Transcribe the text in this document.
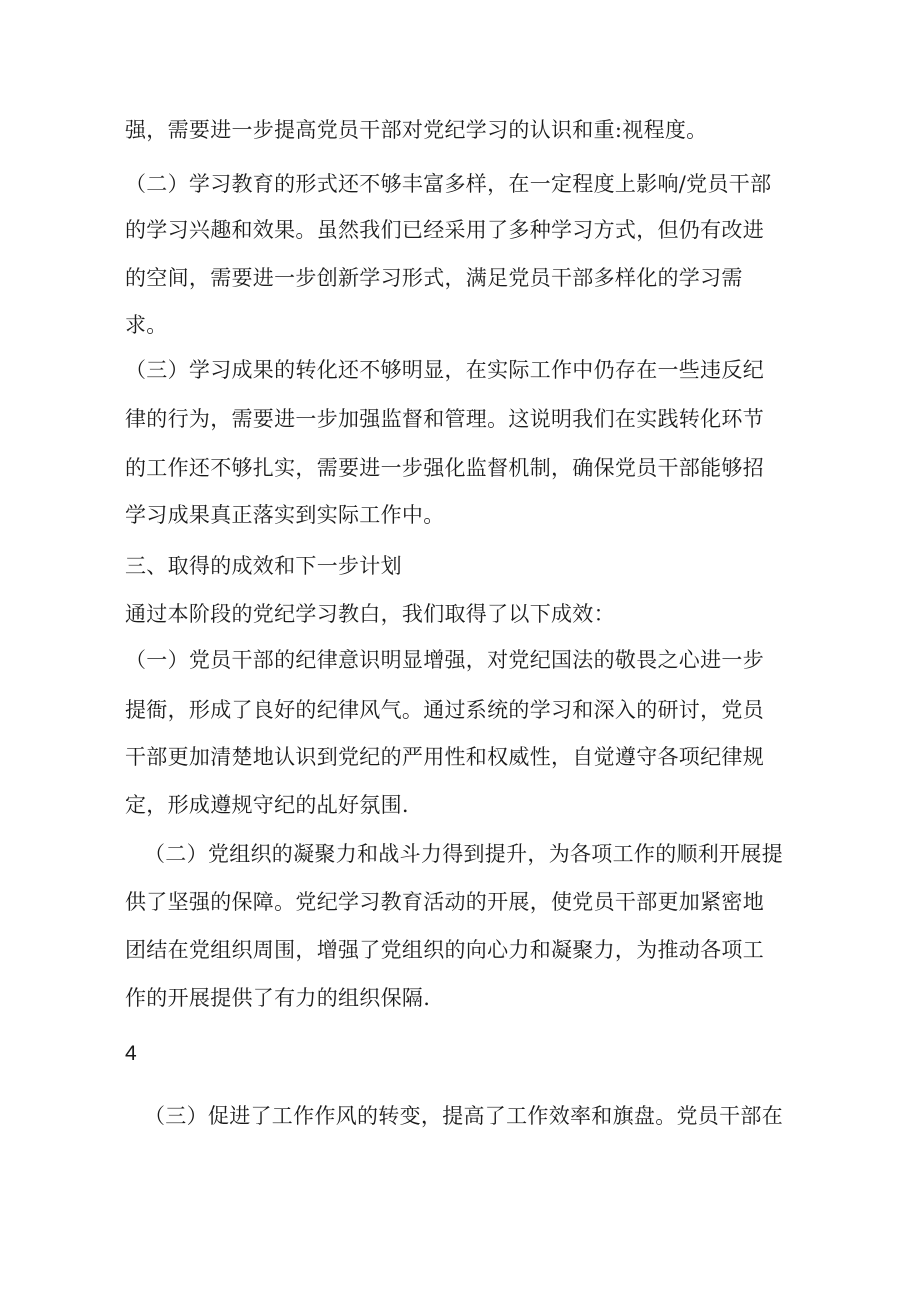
强，需要进一步提高党员干部对党纪学习的认识和重:视程度。
（二）学习教育的形式还不够丰富多样，在一定程度上影响/党员干部
的学习兴趣和效果。虽然我们已经采用了多种学习方式，但仍有改进
的空间，需要进一步创新学习形式，满足党员干部多样化的学习需
求。
（三）学习成果的转化还不够明显，在实际工作中仍存在一些违反纪
律的行为，需要进一步加强监督和管理。这说明我们在实践转化环节
的工作还不够扎实，需要进一步强化监督机制，确保党员干部能够招
学习成果真正落实到实际工作中。
三、取得的成效和下一步计划
通过本阶段的党纪学习教白，我们取得了以下成效：
（一）党员干部的纪律意识明显增强，对党纪国法的敬畏之心进一步
提衙，形成了良好的纪律风气。通过系统的学习和深入的研讨，党员
干部更加清楚地认识到党纪的严用性和权威性，自觉遵守各项纪律规
定，形成遵规守纪的乩好氛围.
（二）党组织的凝聚力和战斗力得到提升，为各项工作的顺利开展提
供了坚强的保障。党纪学习教育活动的开展，使党员干部更加紧密地
团结在党组织周围，增强了党组织的向心力和凝聚力，为推动各项工
作的开展提供了有力的组织保隔.
4
（三）促进了工作作风的转变，提高了工作效率和旗盘。党员干部在
